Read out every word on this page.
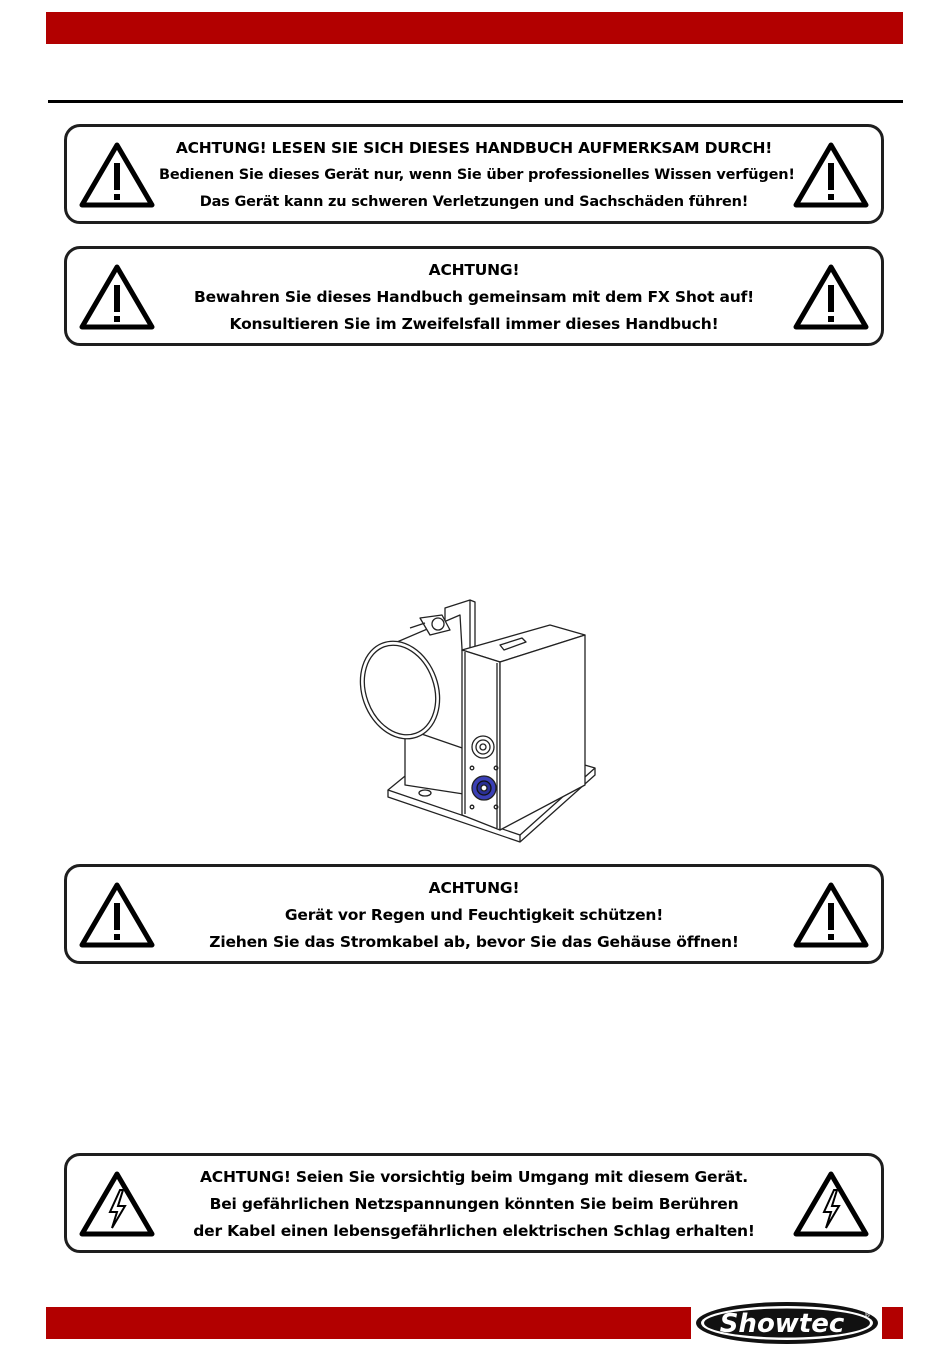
ACHTUNG! LESEN SIE SICH DIESES HANDBUCH AUFMERKSAM DURCH!
Bedienen Sie dieses Gerät nur, wenn Sie über professionelles Wissen verfügen!
Das Gerät kann zu schweren Verletzungen und Sachschäden führen!
ACHTUNG!
Bewahren Sie dieses Handbuch gemeinsam mit dem FX Shot auf!
Konsultieren Sie im Zweifelsfall immer dieses Handbuch!
ACHTUNG!
Gerät vor Regen und Feuchtigkeit schützen!
Ziehen Sie das Stromkabel ab, bevor Sie das Gehäuse öffnen!
ACHTUNG! Seien Sie vorsichtig beim Umgang mit diesem Gerät.
Bei gefährlichen Netzspannungen könnten Sie beim Berühren
der Kabel einen lebensgefährlichen elektrischen Schlag erhalten!
Showtec	®
